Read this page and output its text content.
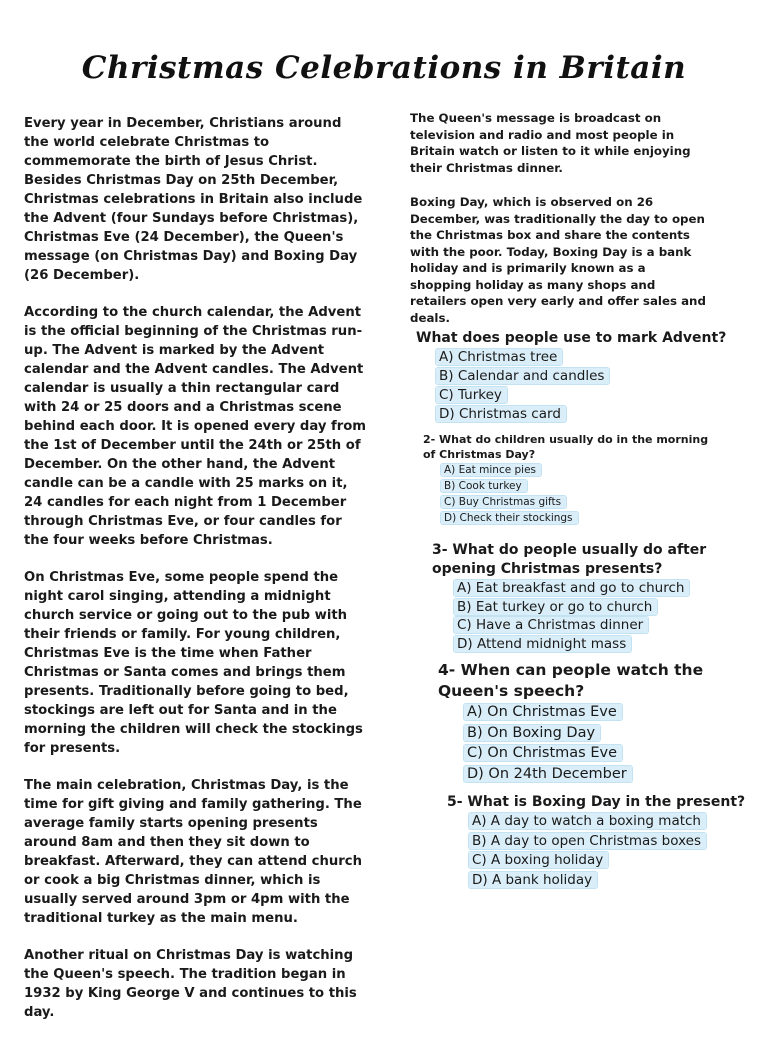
Christmas Celebrations in Britain

Every year in December, Christians around the world celebrate Christmas to commemorate the birth of Jesus Christ. Besides Christmas Day on 25th December, Christmas celebrations in Britain also include the Advent (four Sundays before Christmas), Christmas Eve (24 December), the Queen's message (on Christmas Day) and Boxing Day (26 December).

According to the church calendar, the Advent is the official beginning of the Christmas run-up. The Advent is marked by the Advent calendar and the Advent candles. The Advent calendar is usually a thin rectangular card with 24 or 25 doors and a Christmas scene behind each door. It is opened every day from the 1st of December until the 24th or 25th of December. On the other hand, the Advent candle can be a candle with 25 marks on it, 24 candles for each night from 1 December through Christmas Eve, or four candles for the four weeks before Christmas.

On Christmas Eve, some people spend the night carol singing, attending a midnight church service or going out to the pub with their friends or family. For young children, Christmas Eve is the time when Father Christmas or Santa comes and brings them presents. Traditionally before going to bed, stockings are left out for Santa and in the morning the children will check the stockings for presents.

The main celebration, Christmas Day, is the time for gift giving and family gathering. The average family starts opening presents around 8am and then they sit down to breakfast. Afterward, they can attend church or cook a big Christmas dinner, which is usually served around 3pm or 4pm with the traditional turkey as the main menu.

Another ritual on Christmas Day is watching the Queen's speech. The tradition began in 1932 by King George V and continues to this day.

The Queen's message is broadcast on television and radio and most people in Britain watch or listen to it while enjoying their Christmas dinner.

Boxing Day, which is observed on 26 December, was traditionally the day to open the Christmas box and share the contents with the poor. Today, Boxing Day is a bank holiday and is primarily known as a shopping holiday as many shops and retailers open very early and offer sales and deals.

What does people use to mark Advent?
A) Christmas tree
B) Calendar and candles
C) Turkey
D) Christmas card
2- What do children usually do in the morning of Christmas Day?
A) Eat mince pies
B) Cook turkey
C) Buy Christmas gifts
D) Check their stockings
3- What do people usually do after opening Christmas presents?
A) Eat breakfast and go to church
B) Eat turkey or go to church
C) Have a Christmas dinner
D) Attend midnight mass
4- When can people watch the Queen's speech?
A) On Christmas Eve
B) On Boxing Day
C) On Christmas Eve
D) On 24th December
5- What is Boxing Day in the present?
A) A day to watch a boxing match
B) A day to open Christmas boxes
C) A boxing holiday
D) A bank holiday
